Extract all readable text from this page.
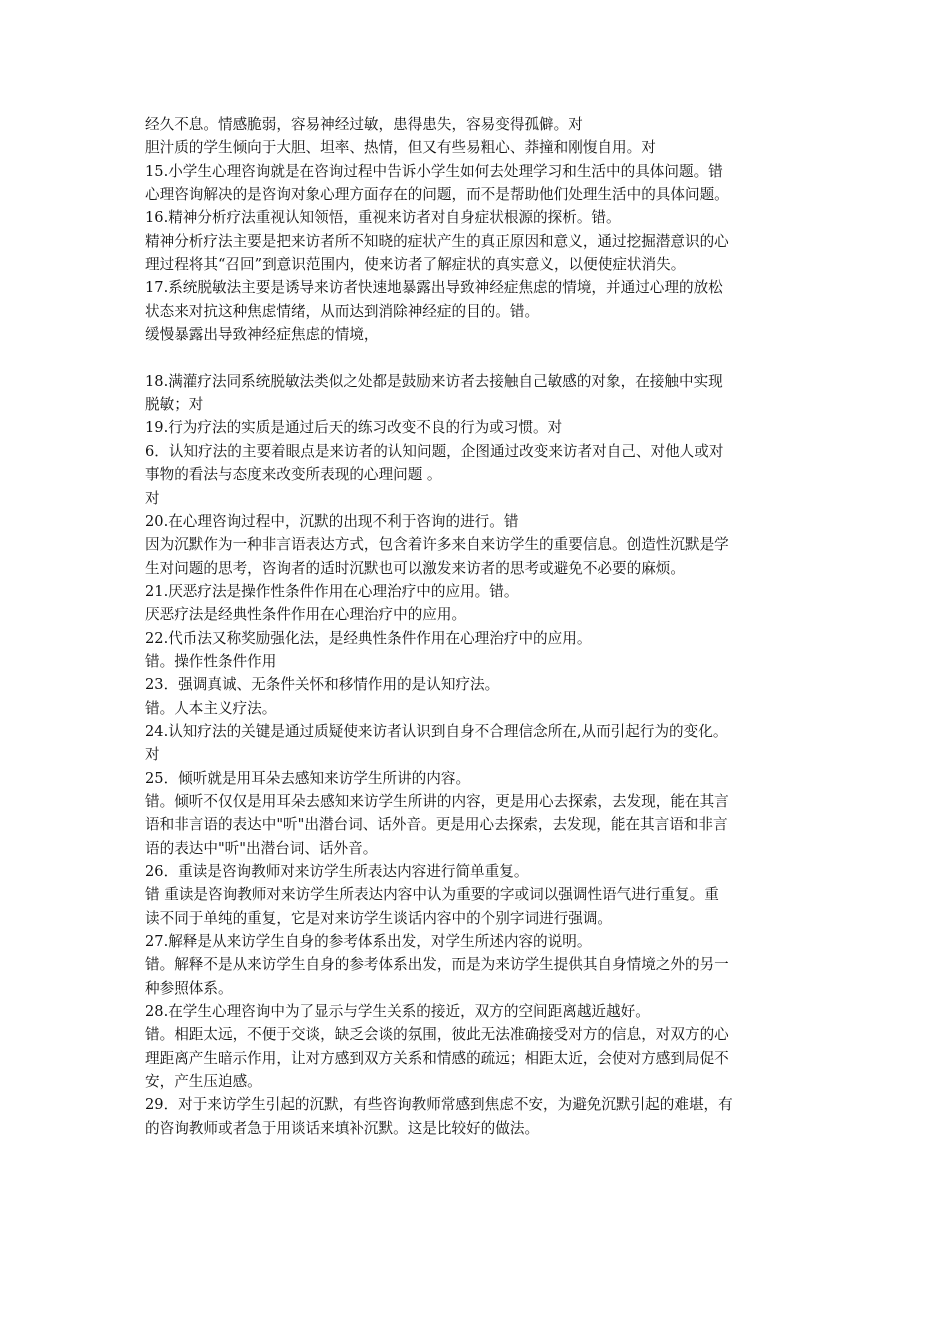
经久不息。情感脆弱，容易神经过敏，患得患失，容易变得孤僻。对
胆汁质的学生倾向于大胆、坦率、热情，但又有些易粗心、莽撞和刚愎自用。对
15.小学生心理咨询就是在咨询过程中告诉小学生如何去处理学习和生活中的具体问题。错
心理咨询解决的是咨询对象心理方面存在的问题，而不是帮助他们处理生活中的具体问题。
16.精神分析疗法重视认知领悟，重视来访者对自身症状根源的探析。错。
精神分析疗法主要是把来访者所不知晓的症状产生的真正原因和意义，通过挖掘潜意识的心
理过程将其“召回”到意识范围内，使来访者了解症状的真实意义，以便使症状消失。
17.系统脱敏法主要是诱导来访者快速地暴露出导致神经症焦虑的情境，并通过心理的放松
状态来对抗这种焦虑情绪，从而达到消除神经症的目的。错。
缓慢暴露出导致神经症焦虑的情境，
18.满灌疗法同系统脱敏法类似之处都是鼓励来访者去接触自己敏感的对象，在接触中实现
脱敏；对
19.行为疗法的实质是通过后天的练习改变不良的行为或习惯。对
6．认知疗法的主要着眼点是来访者的认知问题，企图通过改变来访者对自己、对他人或对
事物的看法与态度来改变所表现的心理问题 。
对
20.在心理咨询过程中，沉默的出现不利于咨询的进行。错
因为沉默作为一种非言语表达方式，包含着许多来自来访学生的重要信息。创造性沉默是学
生对问题的思考，咨询者的适时沉默也可以激发来访者的思考或避免不必要的麻烦。
21.厌恶疗法是操作性条件作用在心理治疗中的应用。错。
厌恶疗法是经典性条件作用在心理治疗中的应用。
22.代币法又称奖励强化法，是经典性条件作用在心理治疗中的应用。
错。操作性条件作用
23．强调真诚、无条件关怀和移情作用的是认知疗法。
错。人本主义疗法。
24.认知疗法的关键是通过质疑使来访者认识到自身不合理信念所在,从而引起行为的变化。
对
25．倾听就是用耳朵去感知来访学生所讲的内容。
错。倾听不仅仅是用耳朵去感知来访学生所讲的内容，更是用心去探索，去发现，能在其言
语和非言语的表达中"听"出潜台词、话外音。更是用心去探索，去发现，能在其言语和非言
语的表达中"听"出潜台词、话外音。
26．重读是咨询教师对来访学生所表达内容进行简单重复。
错 重读是咨询教师对来访学生所表达内容中认为重要的字或词以强调性语气进行重复。重
读不同于单纯的重复，它是对来访学生谈话内容中的个别字词进行强调。
27.解释是从来访学生自身的参考体系出发，对学生所述内容的说明。
错。解释不是从来访学生自身的参考体系出发，而是为来访学生提供其自身情境之外的另一
种参照体系。
28.在学生心理咨询中为了显示与学生关系的接近，双方的空间距离越近越好。
错。相距太远，不便于交谈，缺乏会谈的氛围，彼此无法准确接受对方的信息，对双方的心
理距离产生暗示作用，让对方感到双方关系和情感的疏远；相距太近，会使对方感到局促不
安，产生压迫感。
29．对于来访学生引起的沉默，有些咨询教师常感到焦虑不安，为避免沉默引起的难堪，有
的咨询教师或者急于用谈话来填补沉默。这是比较好的做法。
